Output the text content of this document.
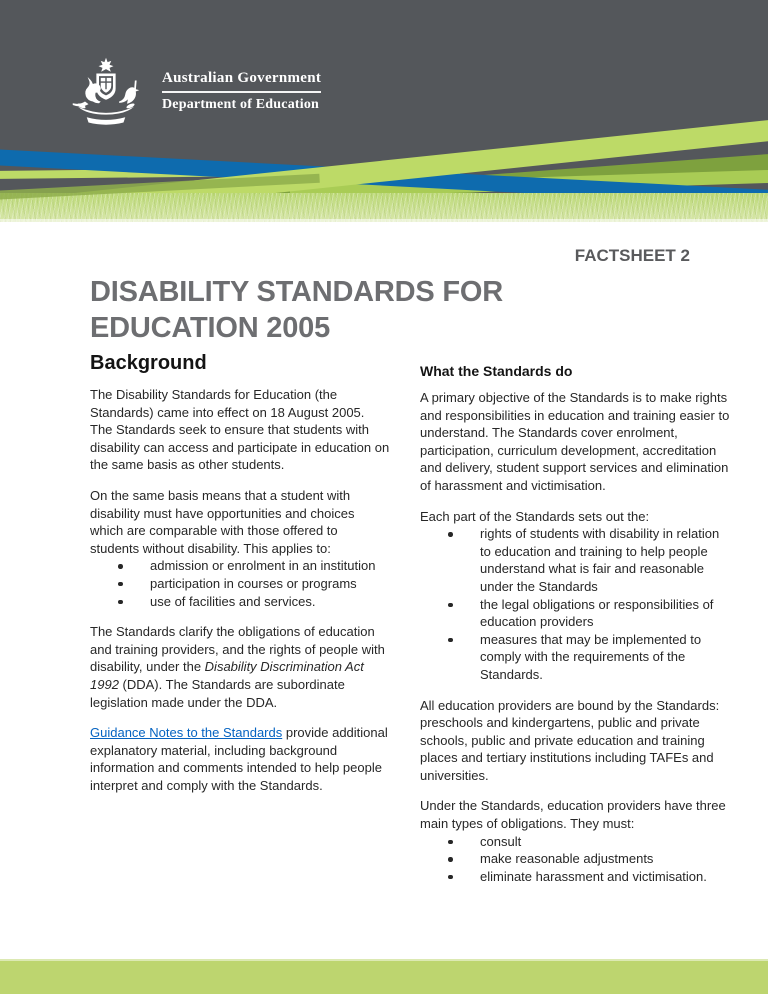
Australian Government
Department of Education
FACTSHEET 2
DISABILITY STANDARDS FOR
EDUCATION 2005
Background

The Disability Standards for Education (the Standards) came into effect on 18 August 2005. The Standards seek to ensure that students with disability can access and participate in education on the same basis as other students.

On the same basis means that a student with disability must have opportunities and choices which are comparable with those offered to students without disability. This applies to:

admission or enrolment in an institution
participation in courses or programs
use of facilities and services.

The Standards clarify the obligations of education and training providers, and the rights of people with disability, under the Disability Discrimination Act 1992 (DDA). The Standards are subordinate legislation made under the DDA.

Guidance Notes to the Standards provide additional explanatory material, including background information and comments intended to help people interpret and comply with the Standards.

What the Standards do

A primary objective of the Standards is to make rights and responsibilities in education and training easier to understand. The Standards cover enrolment, participation, curriculum development, accreditation and delivery, student support services and elimination of harassment and victimisation.

Each part of the Standards sets out the:

rights of students with disability in relation to education and training to help people understand what is fair and reasonable under the Standards
the legal obligations or responsibilities of education providers
measures that may be implemented to comply with the requirements of the Standards.

All education providers are bound by the Standards: preschools and kindergartens, public and private schools, public and private education and training places and tertiary institutions including TAFEs and universities.

Under the Standards, education providers have three main types of obligations. They must:

consult
make reasonable adjustments
eliminate harassment and victimisation.
